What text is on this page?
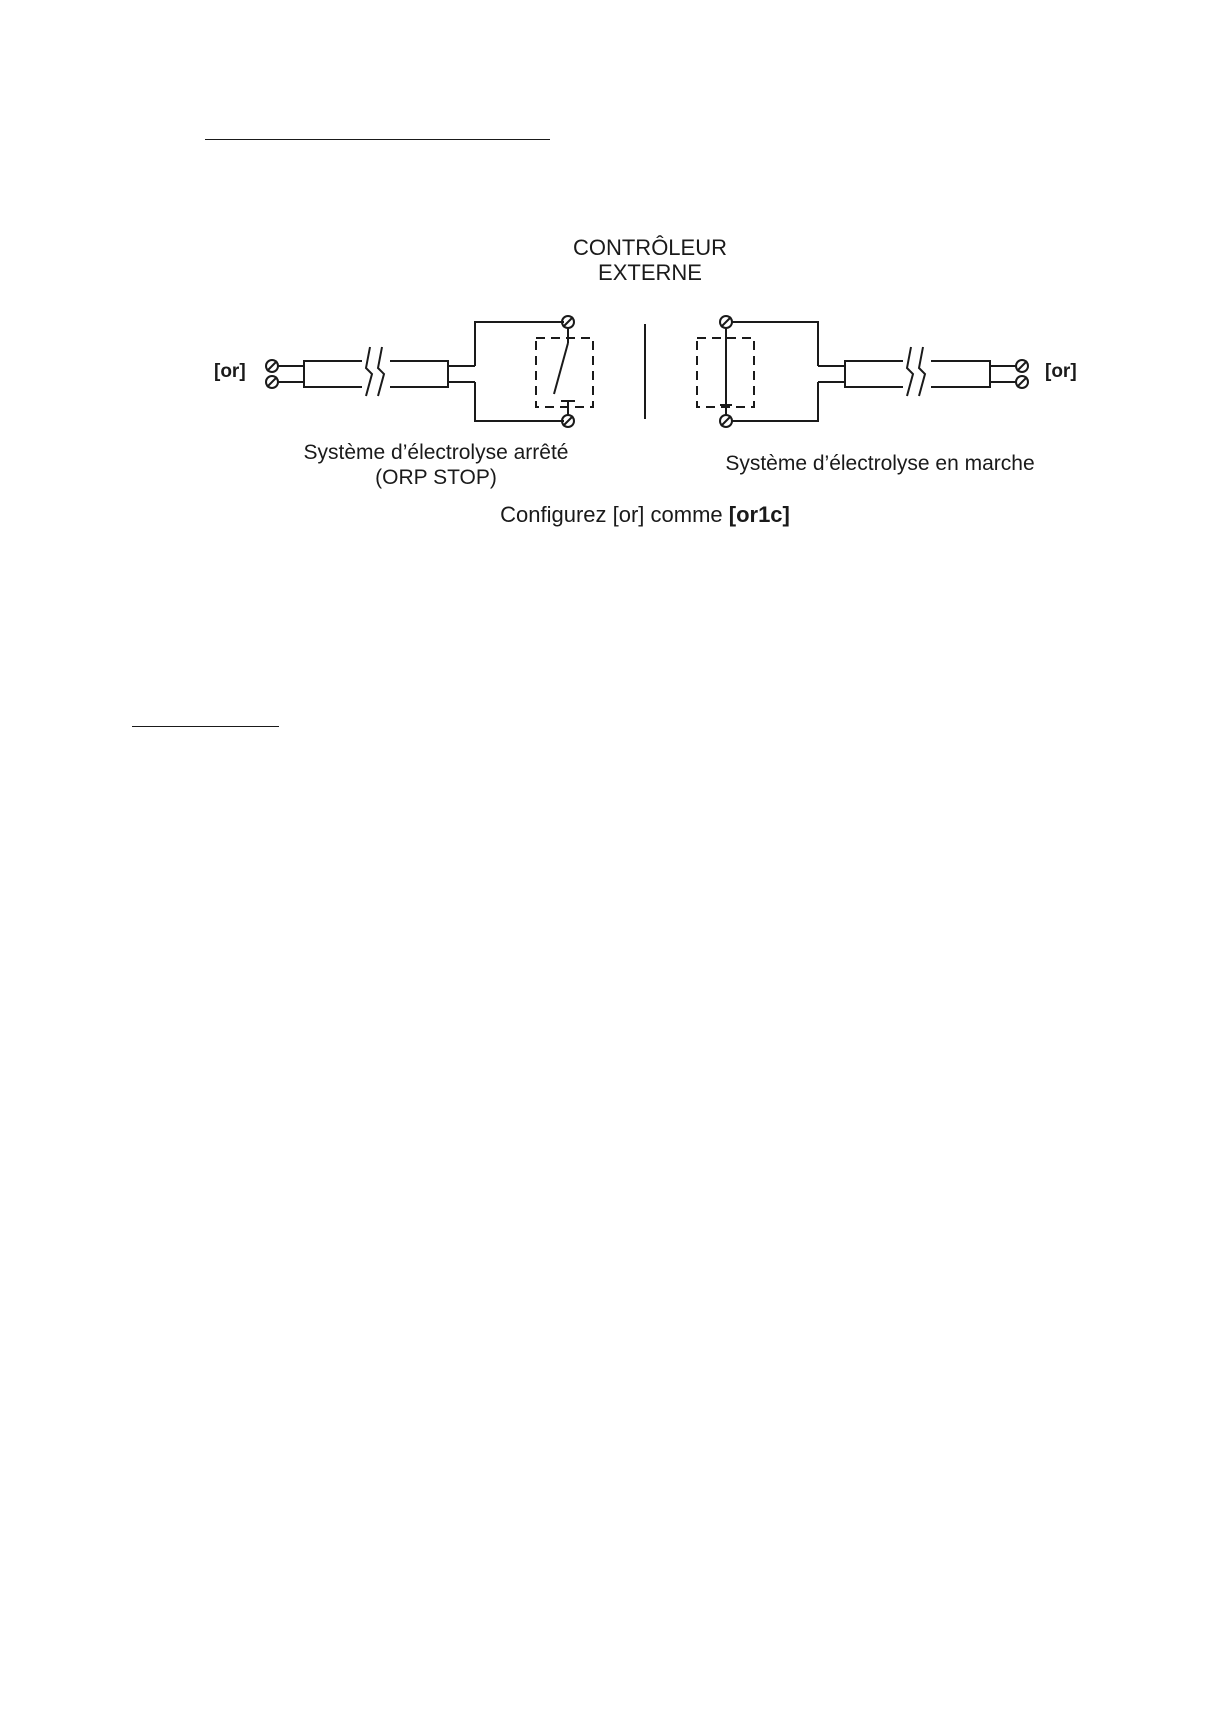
CONTRÔLEUR
EXTERNE
[or]	[or]
Système d’électrolyse arrêté
(ORP STOP)
Système d’électrolyse en marche
Configurez [or] comme [or1c]
